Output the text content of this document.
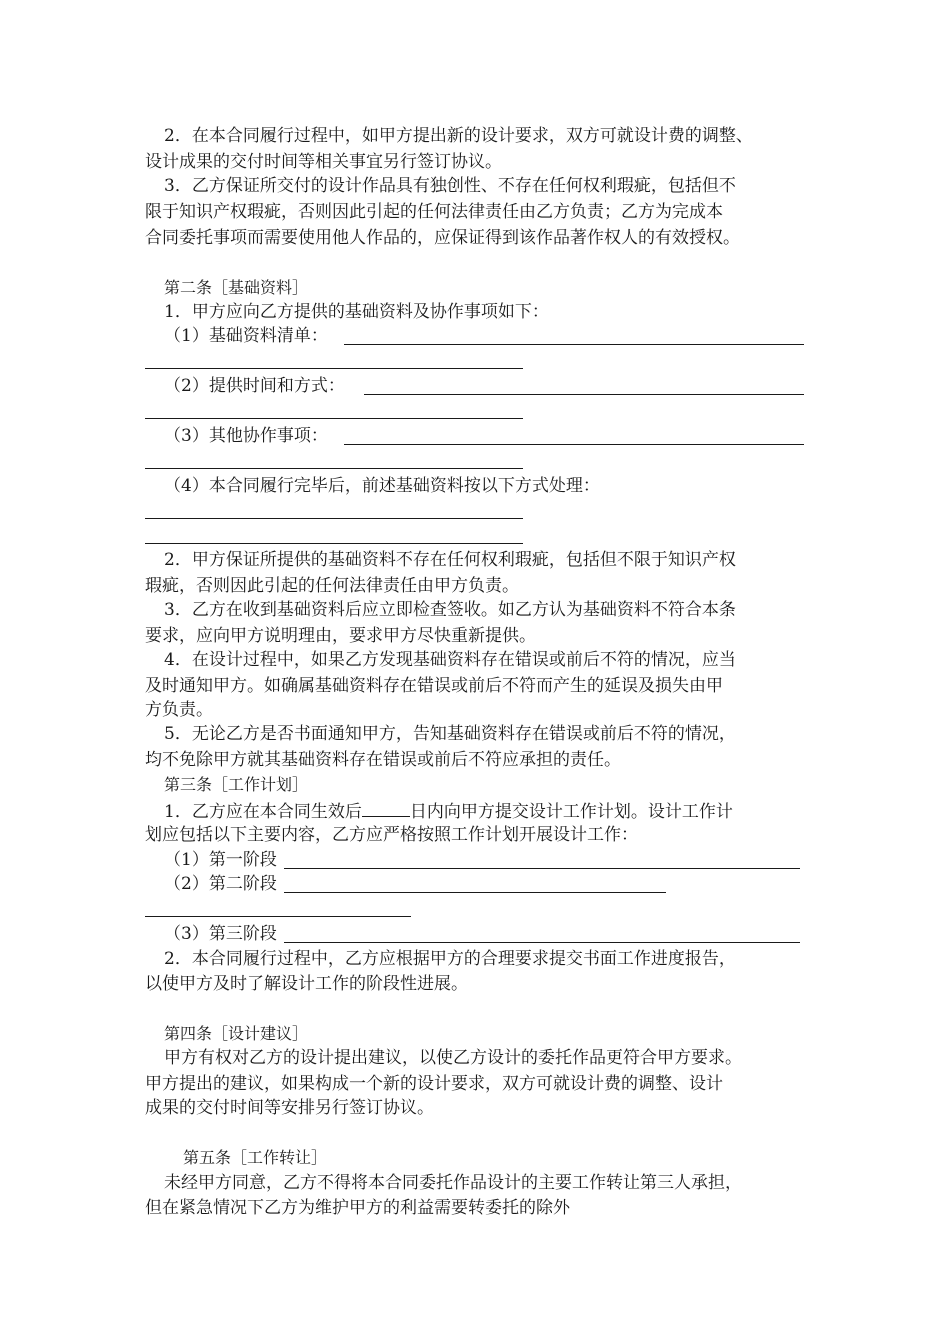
2．在本合同履行过程中，如甲方提出新的设计要求，双方可就设计费的调整、
设计成果的交付时间等相关事宜另行签订协议。
3．乙方保证所交付的设计作品具有独创性、不存在任何权利瑕疵，包括但不
限于知识产权瑕疵，否则因此引起的任何法律责任由乙方负责；乙方为完成本
合同委托事项而需要使用他人作品的，应保证得到该作品著作权人的有效授权。
第二条［基础资料］
1．甲方应向乙方提供的基础资料及协作事项如下：
（1）基础资料清单：
（2）提供时间和方式：
（3）其他协作事项：
（4）本合同履行完毕后，前述基础资料按以下方式处理：
2．甲方保证所提供的基础资料不存在任何权利瑕疵，包括但不限于知识产权
瑕疵，否则因此引起的任何法律责任由甲方负责。
3．乙方在收到基础资料后应立即检查签收。如乙方认为基础资料不符合本条
要求，应向甲方说明理由，要求甲方尽快重新提供。
4．在设计过程中，如果乙方发现基础资料存在错误或前后不符的情况，应当
及时通知甲方。如确属基础资料存在错误或前后不符而产生的延误及损失由甲
方负责。
5．无论乙方是否书面通知甲方，告知基础资料存在错误或前后不符的情况，
均不免除甲方就其基础资料存在错误或前后不符应承担的责任。
第三条［工作计划］
1．乙方应在本合同生效后	日内向甲方提交设计工作计划。设计工作计
划应包括以下主要内容，乙方应严格按照工作计划开展设计工作：
（1）第一阶段
（2）第二阶段
（3）第三阶段
2．本合同履行过程中，乙方应根据甲方的合理要求提交书面工作进度报告，
以使甲方及时了解设计工作的阶段性进展。
第四条［设计建议］
甲方有权对乙方的设计提出建议，以使乙方设计的委托作品更符合甲方要求。
甲方提出的建议，如果构成一个新的设计要求，双方可就设计费的调整、设计
成果的交付时间等安排另行签订协议。
第五条［工作转让］
未经甲方同意，乙方不得将本合同委托作品设计的主要工作转让第三人承担，
但在紧急情况下乙方为维护甲方的利益需要转委托的除外
